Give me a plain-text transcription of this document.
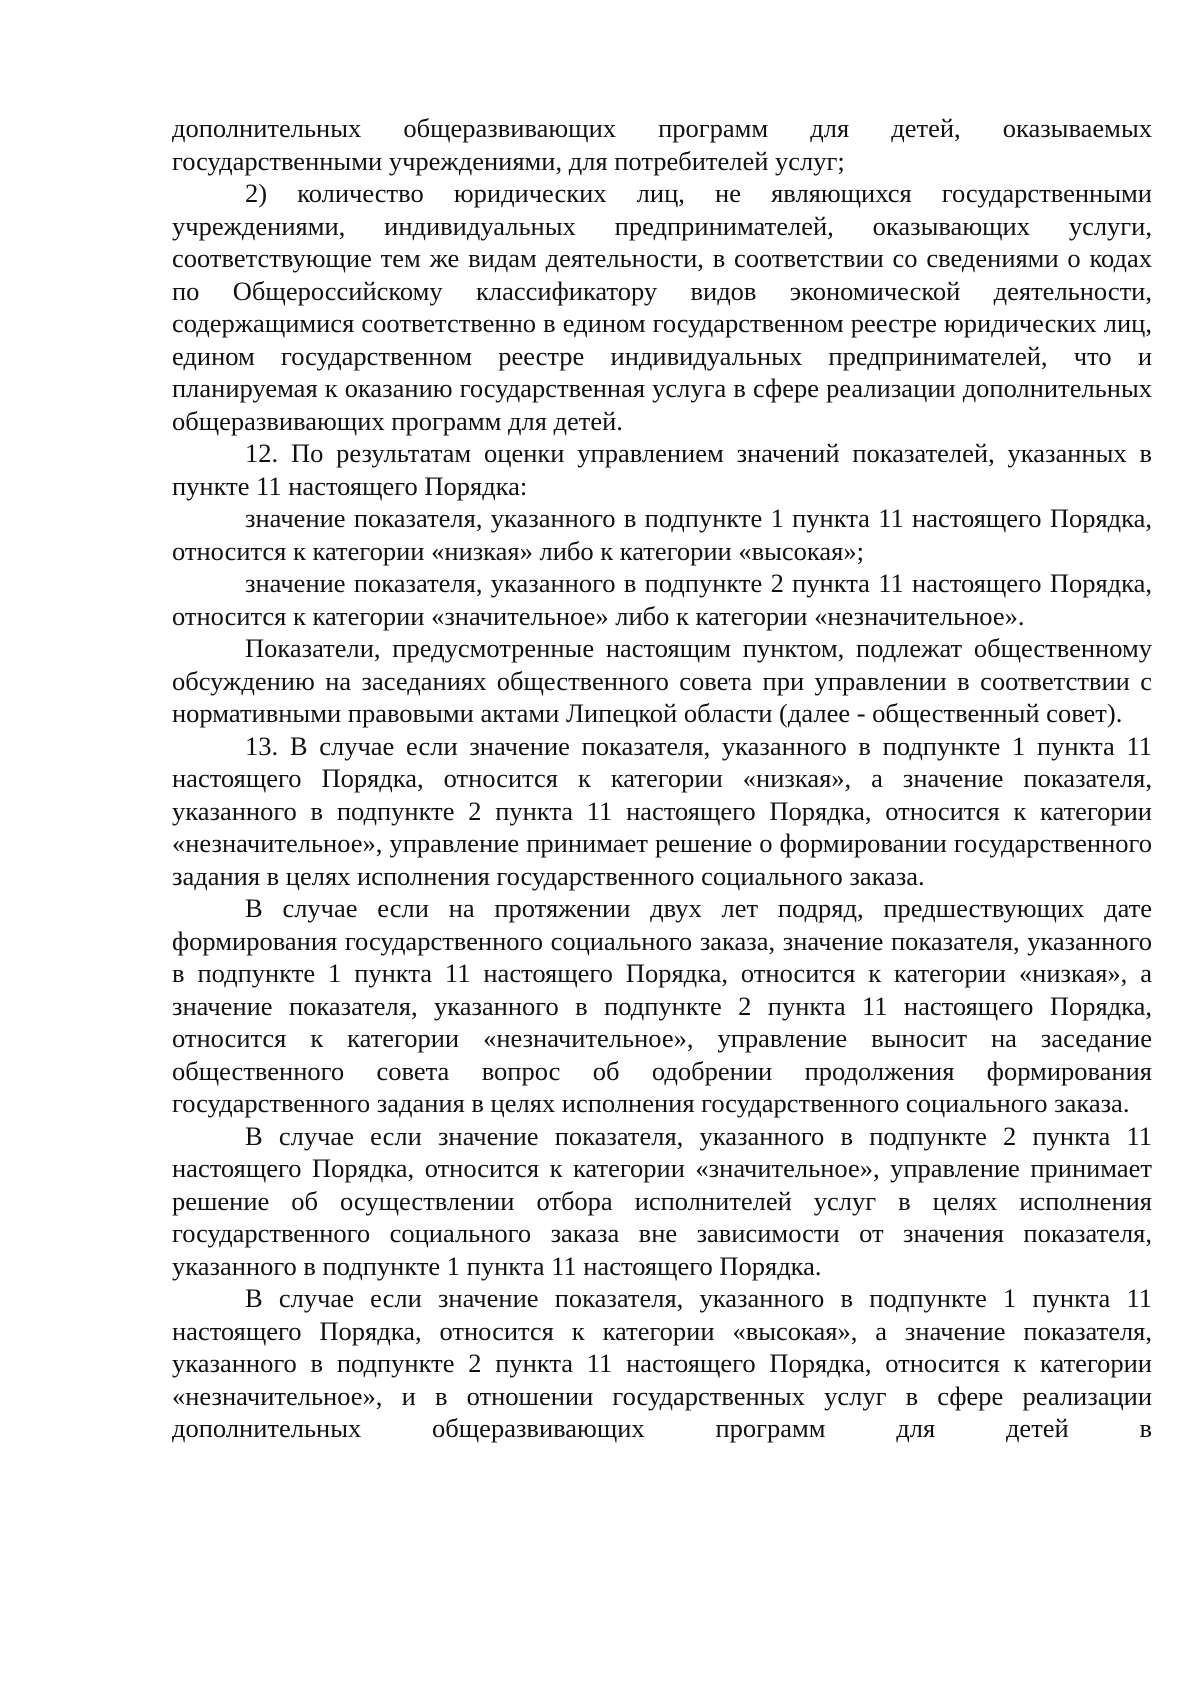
дополнительных общеразвивающих программ для детей, оказываемых государственными учреждениями, для потребителей услуг;

2) количество юридических лиц, не являющихся государственными учреждениями, индивидуальных предпринимателей, оказывающих услуги, соответствующие тем же видам деятельности, в соответствии со сведениями о кодах по Общероссийскому классификатору видов экономической деятельности, содержащимися соответственно в едином государственном реестре юридических лиц, едином государственном реестре индивидуальных предпринимателей, что и планируемая к оказанию государственная услуга в сфере реализации дополнительных общеразвивающих программ для детей.

12. По результатам оценки управлением значений показателей, указанных в пункте 11 настоящего Порядка:

значение показателя, указанного в подпункте 1 пункта 11 настоящего Порядка, относится к категории «низкая» либо к категории «высокая»;

значение показателя, указанного в подпункте 2 пункта 11 настоящего Порядка, относится к категории «значительное» либо к категории «незначительное».

Показатели, предусмотренные настоящим пунктом, подлежат общественному обсуждению на заседаниях общественного совета при управлении в соответствии с нормативными правовыми актами Липецкой области (далее - общественный совет).

13. В случае если значение показателя, указанного в подпункте 1 пункта 11 настоящего Порядка, относится к категории «низкая», а значение показателя, указанного в подпункте 2 пункта 11 настоящего Порядка, относится к категории «незначительное», управление принимает решение о формировании государственного задания в целях исполнения государственного социального заказа.

В случае если на протяжении двух лет подряд, предшествующих дате формирования государственного социального заказа, значение показателя, указанного в подпункте 1 пункта 11 настоящего Порядка, относится к категории «низкая», а значение показателя, указанного в подпункте 2 пункта 11 настоящего Порядка, относится к категории «незначительное», управление выносит на заседание общественного совета вопрос об одобрении продолжения формирования государственного задания в целях исполнения государственного социального заказа.

В случае если значение показателя, указанного в подпункте 2 пункта 11 настоящего Порядка, относится к категории «значительное», управление принимает решение об осуществлении отбора исполнителей услуг в целях исполнения государственного социального заказа вне зависимости от значения показателя, указанного в подпункте 1 пункта 11 настоящего Порядка.

В случае если значение показателя, указанного в подпункте 1 пункта 11 настоящего Порядка, относится к категории «высокая», а значение показателя, указанного в подпункте 2 пункта 11 настоящего Порядка, относится к категории «незначительное», и в отношении государственных услуг в сфере реализации дополнительных общеразвивающих программ для детей в
